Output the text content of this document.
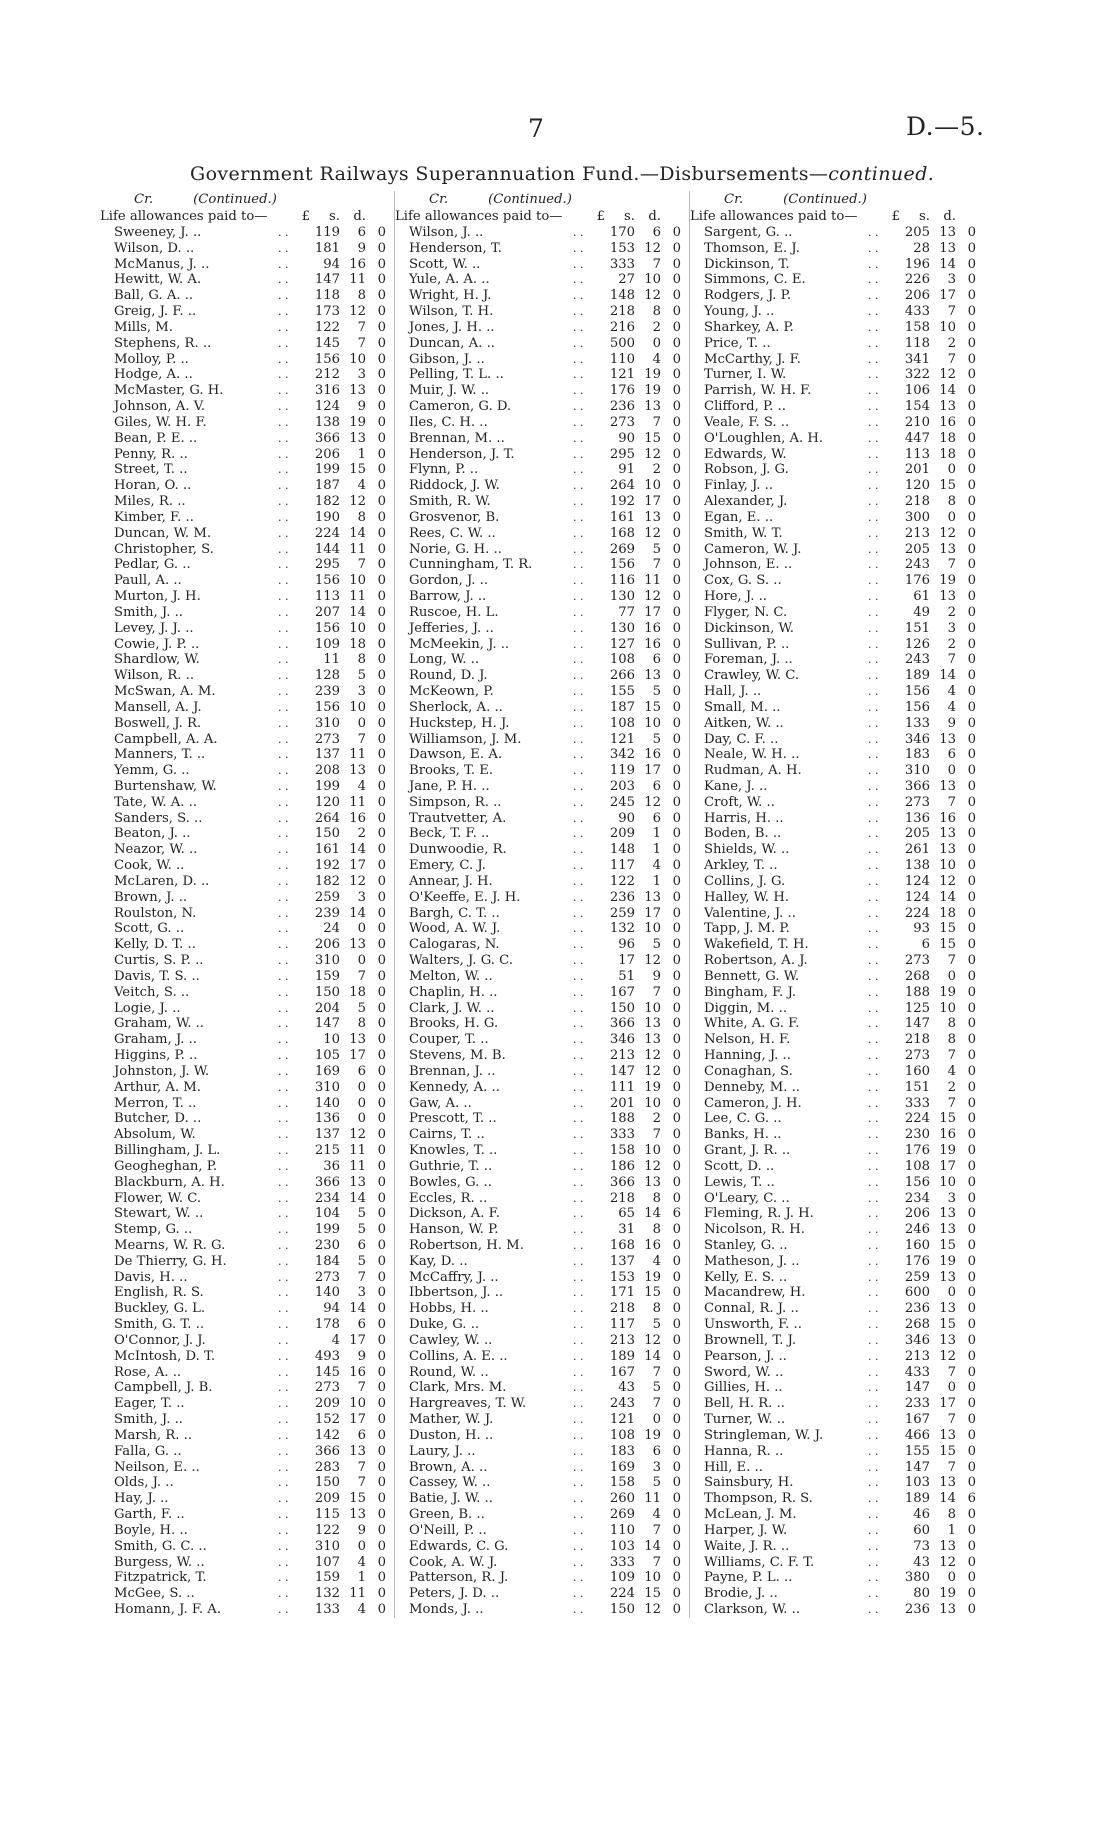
7	D.—5.
Government Railways Superannuation Fund.—Disbursements—continued.
Cr.	(Continued.)
Life allowances paid to—	£	s.	d.
Sweeney, J. ..	. .	119	6 0
Wilson, D. ..	. .	181	9 0
McManus, J. ..	. .	94 16 0
Hewitt, W. A.	. .	147 11 0
Ball, G. A. ..	. .	118	8 0
Greig, J. F. ..	. .	173 12 0
Mills, M.	. .	122	7 0
Stephens, R. ..	. .	145	7 0
Molloy, P. ..	. .	156 10 0
Hodge, A. ..	. .	212	3 0
McMaster, G. H.	. .	316 13 0
Johnson, A. V.	. .	124	9 0
Giles, W. H. F.	. .	138 19 0
Bean, P. E. ..	. .	366 13 0
Penny, R. ..	. .	206	1 0
Street, T. ..	. .	199 15 0
Horan, O. ..	. .	187	4 0
Miles, R. ..	. .	182 12 0
Kimber, F. ..	. .	190	8 0
Duncan, W. M.	. .	224 14 0
Christopher, S.	. .	144 11 0
Pedlar, G. ..	. .	295	7 0
Paull, A. ..	. .	156 10 0
Murton, J. H.	. .	113 11 0
Smith, J. ..	. .	207 14 0
Levey, J. J. ..	. .	156 10 0
Cowie, J. P. ..	. .	109 18 0
Shardlow, W.	. .	11	8 0
Wilson, R. ..	. .	128	5 0
McSwan, A. M.	. .	239	3 0
Mansell, A. J.	. .	156 10 0
Boswell, J. R.	. .	310	0 0
Campbell, A. A.	. .	273	7 0
Manners, T. ..	. .	137 11 0
Yemm, G. ..	. .	208 13 0
Burtenshaw, W.	. .	199	4 0
Tate, W. A. ..	. .	120 11 0
Sanders, S. ..	. .	264 16 0
Beaton, J. ..	. .	150	2 0
Neazor, W. ..	. .	161 14 0
Cook, W. ..	. .	192 17 0
McLaren, D. ..	. .	182 12 0
Brown, J. ..	. .	259	3 0
Roulston, N.	. .	239 14 0
Scott, G. ..	. .	24	0 0
Kelly, D. T. ..	. .	206 13 0
Curtis, S. P. ..	. .	310	0 0
Davis, T. S. ..	. .	159	7 0
Veitch, S. ..	. .	150 18 0
Logie, J. ..	. .	204	5 0
Graham, W. ..	. .	147	8 0
Graham, J. ..	. .	10 13 0
Higgins, P. ..	. .	105 17 0
Johnston, J. W.	. .	169	6 0
Arthur, A. M.	. .	310	0 0
Merron, T. ..	. .	140	0 0
Butcher, D. ..	. .	136	0 0
Absolum, W.	. .	137 12 0
Billingham, J. L.	. .	215 11 0
Geogheghan, P.	. .	36 11 0
Blackburn, A. H.	. .	366 13 0
Flower, W. C.	. .	234 14 0
Stewart, W. ..	. .	104	5 0
Stemp, G. ..	. .	199	5 0
Mearns, W. R. G.	. .	230	6 0
De Thierry, G. H.	. .	184	5 0
Davis, H. ..	. .	273	7 0
English, R. S.	. .	140	3 0
Buckley, G. L.	. .	94 14 0
Smith, G. T. ..	. .	178	6 0
O'Connor, J. J.	. .	4 17 0
McIntosh, D. T.	. .	493	9 0
Rose, A. ..	. .	145 16 0
Campbell, J. B.	. .	273	7 0
Eager, T. ..	. .	209 10 0
Smith, J. ..	. .	152 17 0
Marsh, R. ..	. .	142	6 0
Falla, G. ..	. .	366 13 0
Neilson, E. ..	. .	283	7 0
Olds, J. ..	. .	150	7 0
Hay, J. ..	. .	209 15 0
Garth, F. ..	. .	115 13 0
Boyle, H. ..	. .	122	9 0
Smith, G. C. ..	. .	310	0 0
Burgess, W. ..	. .	107	4 0
Fitzpatrick, T.	. .	159	1 0
McGee, S. ..	. .	132 11 0
Homann, J. F. A.	. .	133	4 0
Cr.	(Continued.)
Life allowances paid to—	£	s.	d.
Wilson, J. ..	. .	170	6 0
Henderson, T.	. .	153 12 0
Scott, W. ..	. .	333	7 0
Yule, A. A. ..	. .	27 10 0
Wright, H. J.	. .	148 12 0
Wilson, T. H.	. .	218	8 0
Jones, J. H. ..	. .	216	2 0
Duncan, A. ..	. .	500	0 0
Gibson, J. ..	. .	110	4 0
Pelling, T. L. ..	. .	121 19 0
Muir, J. W. ..	. .	176 19 0
Cameron, G. D.	. .	236 13 0
Iles, C. H. ..	. .	273	7 0
Brennan, M. ..	. .	90 15 0
Henderson, J. T.	. .	295 12 0
Flynn, P. ..	. .	91	2 0
Riddock, J. W.	. .	264 10 0
Smith, R. W.	. .	192 17 0
Grosvenor, B.	. .	161 13 0
Rees, C. W. ..	. .	168 12 0
Norie, G. H. ..	. .	269	5 0
Cunningham, T. R.	. .	156	7 0
Gordon, J. ..	. .	116 11 0
Barrow, J. ..	. .	130 12 0
Ruscoe, H. L.	. .	77 17 0
Jefferies, J. ..	. .	130 16 0
McMeekin, J. ..	. .	127 16 0
Long, W. ..	. .	108	6 0
Round, D. J.	. .	266 13 0
McKeown, P.	. .	155	5 0
Sherlock, A. ..	. .	187 15 0
Huckstep, H. J.	. .	108 10 0
Williamson, J. M.	. .	121	5 0
Dawson, E. A.	. .	342 16 0
Brooks, T. E.	. .	119 17 0
Jane, P. H. ..	. .	203	6 0
Simpson, R. ..	. .	245 12 0
Trautvetter, A.	. .	90	6 0
Beck, T. F. ..	. .	209	1 0
Dunwoodie, R.	. .	148	1 0
Emery, C. J.	. .	117	4 0
Annear, J. H.	. .	122	1 0
O'Keeffe, E. J. H.	. .	236 13 0
Bargh, C. T. ..	. .	259 17 0
Wood, A. W. J.	. .	132 10 0
Calogaras, N.	. .	96	5 0
Walters, J. G. C.	. .	17 12 0
Melton, W. ..	. .	51	9 0
Chaplin, H. ..	. .	167	7 0
Clark, J. W. ..	. .	150 10 0
Brooks, H. G.	. .	366 13 0
Couper, T. ..	. .	346 13 0
Stevens, M. B.	. .	213 12 0
Brennan, J. ..	. .	147 12 0
Kennedy, A. ..	. .	111 19 0
Gaw, A. ..	. .	201 10 0
Prescott, T. ..	. .	188	2 0
Cairns, T. ..	. .	333	7 0
Knowles, T. ..	. .	158 10 0
Guthrie, T. ..	. .	186 12 0
Bowles, G. ..	. .	366 13 0
Eccles, R. ..	. .	218	8 0
Dickson, A. F.	. .	65 14 6
Hanson, W. P.	. .	31	8 0
Robertson, H. M.	. .	168 16 0
Kay, D. ..	. .	137	4 0
McCaffry, J. ..	. .	153 19 0
Ibbertson, J. ..	. .	171 15 0
Hobbs, H. ..	. .	218	8 0
Duke, G. ..	. .	117	5 0
Cawley, W. ..	. .	213 12 0
Collins, A. E. ..	. .	189 14 0
Round, W. ..	. .	167	7 0
Clark, Mrs. M.	. .	43	5 0
Hargreaves, T. W.	. .	243	7 0
Mather, W. J.	. .	121	0 0
Duston, H. ..	. .	108 19 0
Laury, J. ..	. .	183	6 0
Brown, A. ..	. .	169	3 0
Cassey, W. ..	. .	158	5 0
Batie, J. W. ..	. .	260 11 0
Green, B. ..	. .	269	4 0
O'Neill, P. ..	. .	110	7 0
Edwards, C. G.	. .	103 14 0
Cook, A. W. J.	. .	333	7 0
Patterson, R. J.	. .	109 10 0
Peters, J. D. ..	. .	224 15 0
Monds, J. ..	. .	150 12 0
Cr.	(Continued.)
Life allowances paid to—	£	s.	d.
Sargent, G. ..	. .	205 13 0
Thomson, E. J.	. .	28 13 0
Dickinson, T.	. .	196 14 0
Simmons, C. E.	. .	226	3 0
Rodgers, J. P.	. .	206 17 0
Young, J. ..	. .	433	7 0
Sharkey, A. P.	. .	158 10 0
Price, T. ..	. .	118	2 0
McCarthy, J. F.	. .	341	7 0
Turner, I. W.	. .	322 12 0
Parrish, W. H. F.	. .	106 14 0
Clifford, P. ..	. .	154 13 0
Veale, F. S. ..	. .	210 16 0
O'Loughlen, A. H.	. .	447 18 0
Edwards, W.	. .	113 18 0
Robson, J. G.	. .	201	0 0
Finlay, J. ..	. .	120 15 0
Alexander, J.	. .	218	8 0
Egan, E. ..	. .	300	0 0
Smith, W. T.	. .	213 12 0
Cameron, W. J.	. .	205 13 0
Johnson, E. ..	. .	243	7 0
Cox, G. S. ..	. .	176 19 0
Hore, J. ..	. .	61 13 0
Flyger, N. C.	. .	49	2 0
Dickinson, W.	. .	151	3 0
Sullivan, P. ..	. .	126	2 0
Foreman, J. ..	. .	243	7 0
Crawley, W. C.	. .	189 14 0
Hall, J. ..	. .	156	4 0
Small, M. ..	. .	156	4 0
Aitken, W. ..	. .	133	9 0
Day, C. F. ..	. .	346 13 0
Neale, W. H. ..	. .	183	6 0
Rudman, A. H.	. .	310	0 0
Kane, J. ..	. .	366 13 0
Croft, W. ..	. .	273	7 0
Harris, H. ..	. .	136 16 0
Boden, B. ..	. .	205 13 0
Shields, W. ..	. .	261 13 0
Arkley, T. ..	. .	138 10 0
Collins, J. G.	. .	124 12 0
Halley, W. H.	. .	124 14 0
Valentine, J. ..	. .	224 18 0
Tapp, J. M. P.	. .	93 15 0
Wakefield, T. H.	. .	6 15 0
Robertson, A. J.	. .	273	7 0
Bennett, G. W.	. .	268	0 0
Bingham, F. J.	. .	188 19 0
Diggin, M. ..	. .	125 10 0
White, A. G. F.	. .	147	8 0
Nelson, H. F.	. .	218	8 0
Hanning, J. ..	. .	273	7 0
Conaghan, S.	. .	160	4 0
Denneby, M. ..	. .	151	2 0
Cameron, J. H.	. .	333	7 0
Lee, C. G. ..	. .	224 15 0
Banks, H. ..	. .	230 16 0
Grant, J. R. ..	. .	176 19 0
Scott, D. ..	. .	108 17 0
Lewis, T. ..	. .	156 10 0
O'Leary, C. ..	. .	234	3 0
Fleming, R. J. H.	. .	206 13 0
Nicolson, R. H.	. .	246 13 0
Stanley, G. ..	. .	160 15 0
Matheson, J. ..	. .	176 19 0
Kelly, E. S. ..	. .	259 13 0
Macandrew, H.	. .	600	0 0
Connal, R. J. ..	. .	236 13 0
Unsworth, F. ..	. .	268 15 0
Brownell, T. J.	. .	346 13 0
Pearson, J. ..	. .	213 12 0
Sword, W. ..	. .	433	7 0
Gillies, H. ..	. .	147	0 0
Bell, H. R. ..	. .	233 17 0
Turner, W. ..	. .	167	7 0
Stringleman, W. J.	. .	466 13 0
Hanna, R. ..	. .	155 15 0
Hill, E. ..	. .	147	7 0
Sainsbury, H.	. .	103 13 0
Thompson, R. S.	. .	189 14 6
McLean, J. M.	. .	46	8 0
Harper, J. W.	. .	60	1 0
Waite, J. R. ..	. .	73 13 0
Williams, C. F. T.	. .	43 12 0
Payne, P. L. ..	. .	380	0 0
Brodie, J. ..	. .	80 19 0
Clarkson, W. ..	. .	236 13 0
